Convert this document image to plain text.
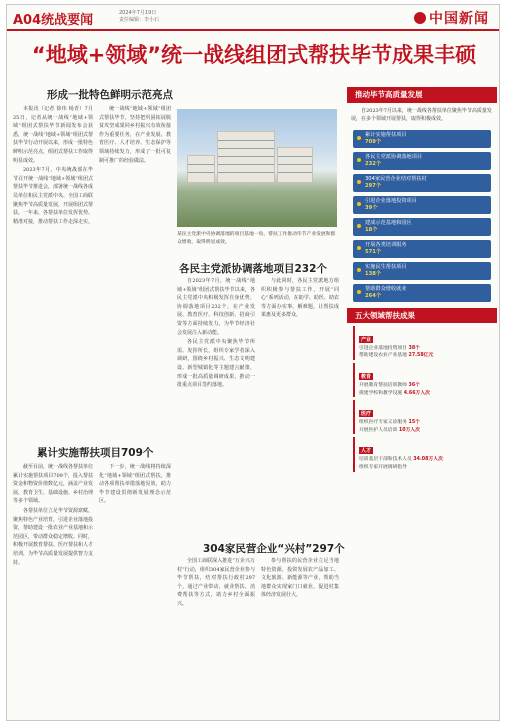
A04统战要闻	2024年7月19日
责任编辑：李小石	中国新闻
“地域+领域”统一战线组团式帮扶毕节成果丰硕
形成一批特色鲜明示范亮点

本报讯（记者 徐伟 杨青）7月25日，记者从统一战线“地域+领域”组团式帮扶毕节新闻发布会获悉，统一战线“地域+领域”组团式帮扶毕节行动开展以来，形成一批特色鲜明示范亮点，组团式帮扶工作取得明显成效。

2023年7月，中央统战部在毕节召开统一战线“地域+领域”组团式帮扶毕节推进会，部署统一战线各成员单位和民主党派中央、全国工商联聚焦毕节高质量发展，开展组团式帮扶。一年来，各帮扶单位发挥优势、精准对接，推动帮扶工作走深走实。

统一战线“地域+领域”组团式帮扶毕节，坚持把巩固拓展脱贫攻坚成果同乡村振兴有效衔接作为重要任务，在产业发展、教育医疗、人才培养、生态保护等领域持续发力，形成了一批可复制可推广的经验做法。

某民主党派中央协调落地的项目基地一角，帮扶工作推动毕节产业发展和群众增收，取得明显成效。
各民主党派协调落地项目232个

自2023年7月，统一战线“地域+领域”组团式帮扶毕节以来，各民主党派中央积极发挥自身优势，协调落地项目232个，在产业发展、教育医疗、科技创新、招商引资等方面持续发力，为毕节经济社会发展注入新动能。

各民主党派中央聚焦毕节所需、发挥所长，组织专家学者深入调研，围绕乡村振兴、生态文明建设、新型城镇化等主题建言献策，形成一批高质量调研成果，推动一批重点项目签约落地。

与此同时，各民主党派地方组织积极参与帮扶工作，开展“同心”系列活动，在助学、助医、助农等方面办实事、解难题，让帮扶成果惠及更多群众。

累计实施帮扶项目709个

截至目前，统一战线各帮扶单位累计实施帮扶项目709个，投入帮扶资金和物资价值数亿元，涵盖产业发展、教育卫生、基础设施、乡村治理等多个领域。

各帮扶单位立足毕节资源禀赋，聚焦特色产业培育，引进企业落地投资，帮助建设一批农业产业基地和示范园区，带动群众稳定增收。同时，积极开展教育帮扶、医疗帮扶和人才培训，为毕节高质量发展提供智力支持。

下一步，统一战线将持续深化“地域+领域”组团式帮扶，推动各项帮扶举措落地见效，助力毕节建设贯彻新发展理念示范区。

304家民营企业“兴村”297个

全国工商联深入推进“万企兴万村”行动，组织304家民营企业参与毕节帮扶，结对帮扶行政村297个，通过产业带动、就业帮扶、消费帮扶等方式，助力乡村全面振兴。

参与帮扶的民营企业立足当地特色资源，投资发展农产品加工、文化旅游、新能源等产业，帮助当地群众实现家门口就业，促进村集体经济发展壮大。

推动毕节高质量发展
自2023年7月以来，统一战线各帮扶单位聚焦毕节高质量发展，在多个领域开展帮扶，取得积极成效。
累计实施帮扶项目
709个
各民主党派协调落地项目
232个
304家民营企业结对帮扶村
297个
引进企业落地投资项目
39个
建成示范基地和园区
18个
开展各类培训服务
571个
实施民生帮扶项目
138个
帮助群众增收就业
264个
五大领域帮扶成果
产业
引进企业落地投资项目 38个
帮助建设农业产业基地 27.58亿元
教育
开展教育帮扶培训教师 36个
援建学校和教学设施 4.66万人次
医疗
组织医疗专家义诊服务 15个
开展医护人员培训 10万人次
人才
培训基层干部和技术人员 34.08万人次
组织专家开展调研指导
